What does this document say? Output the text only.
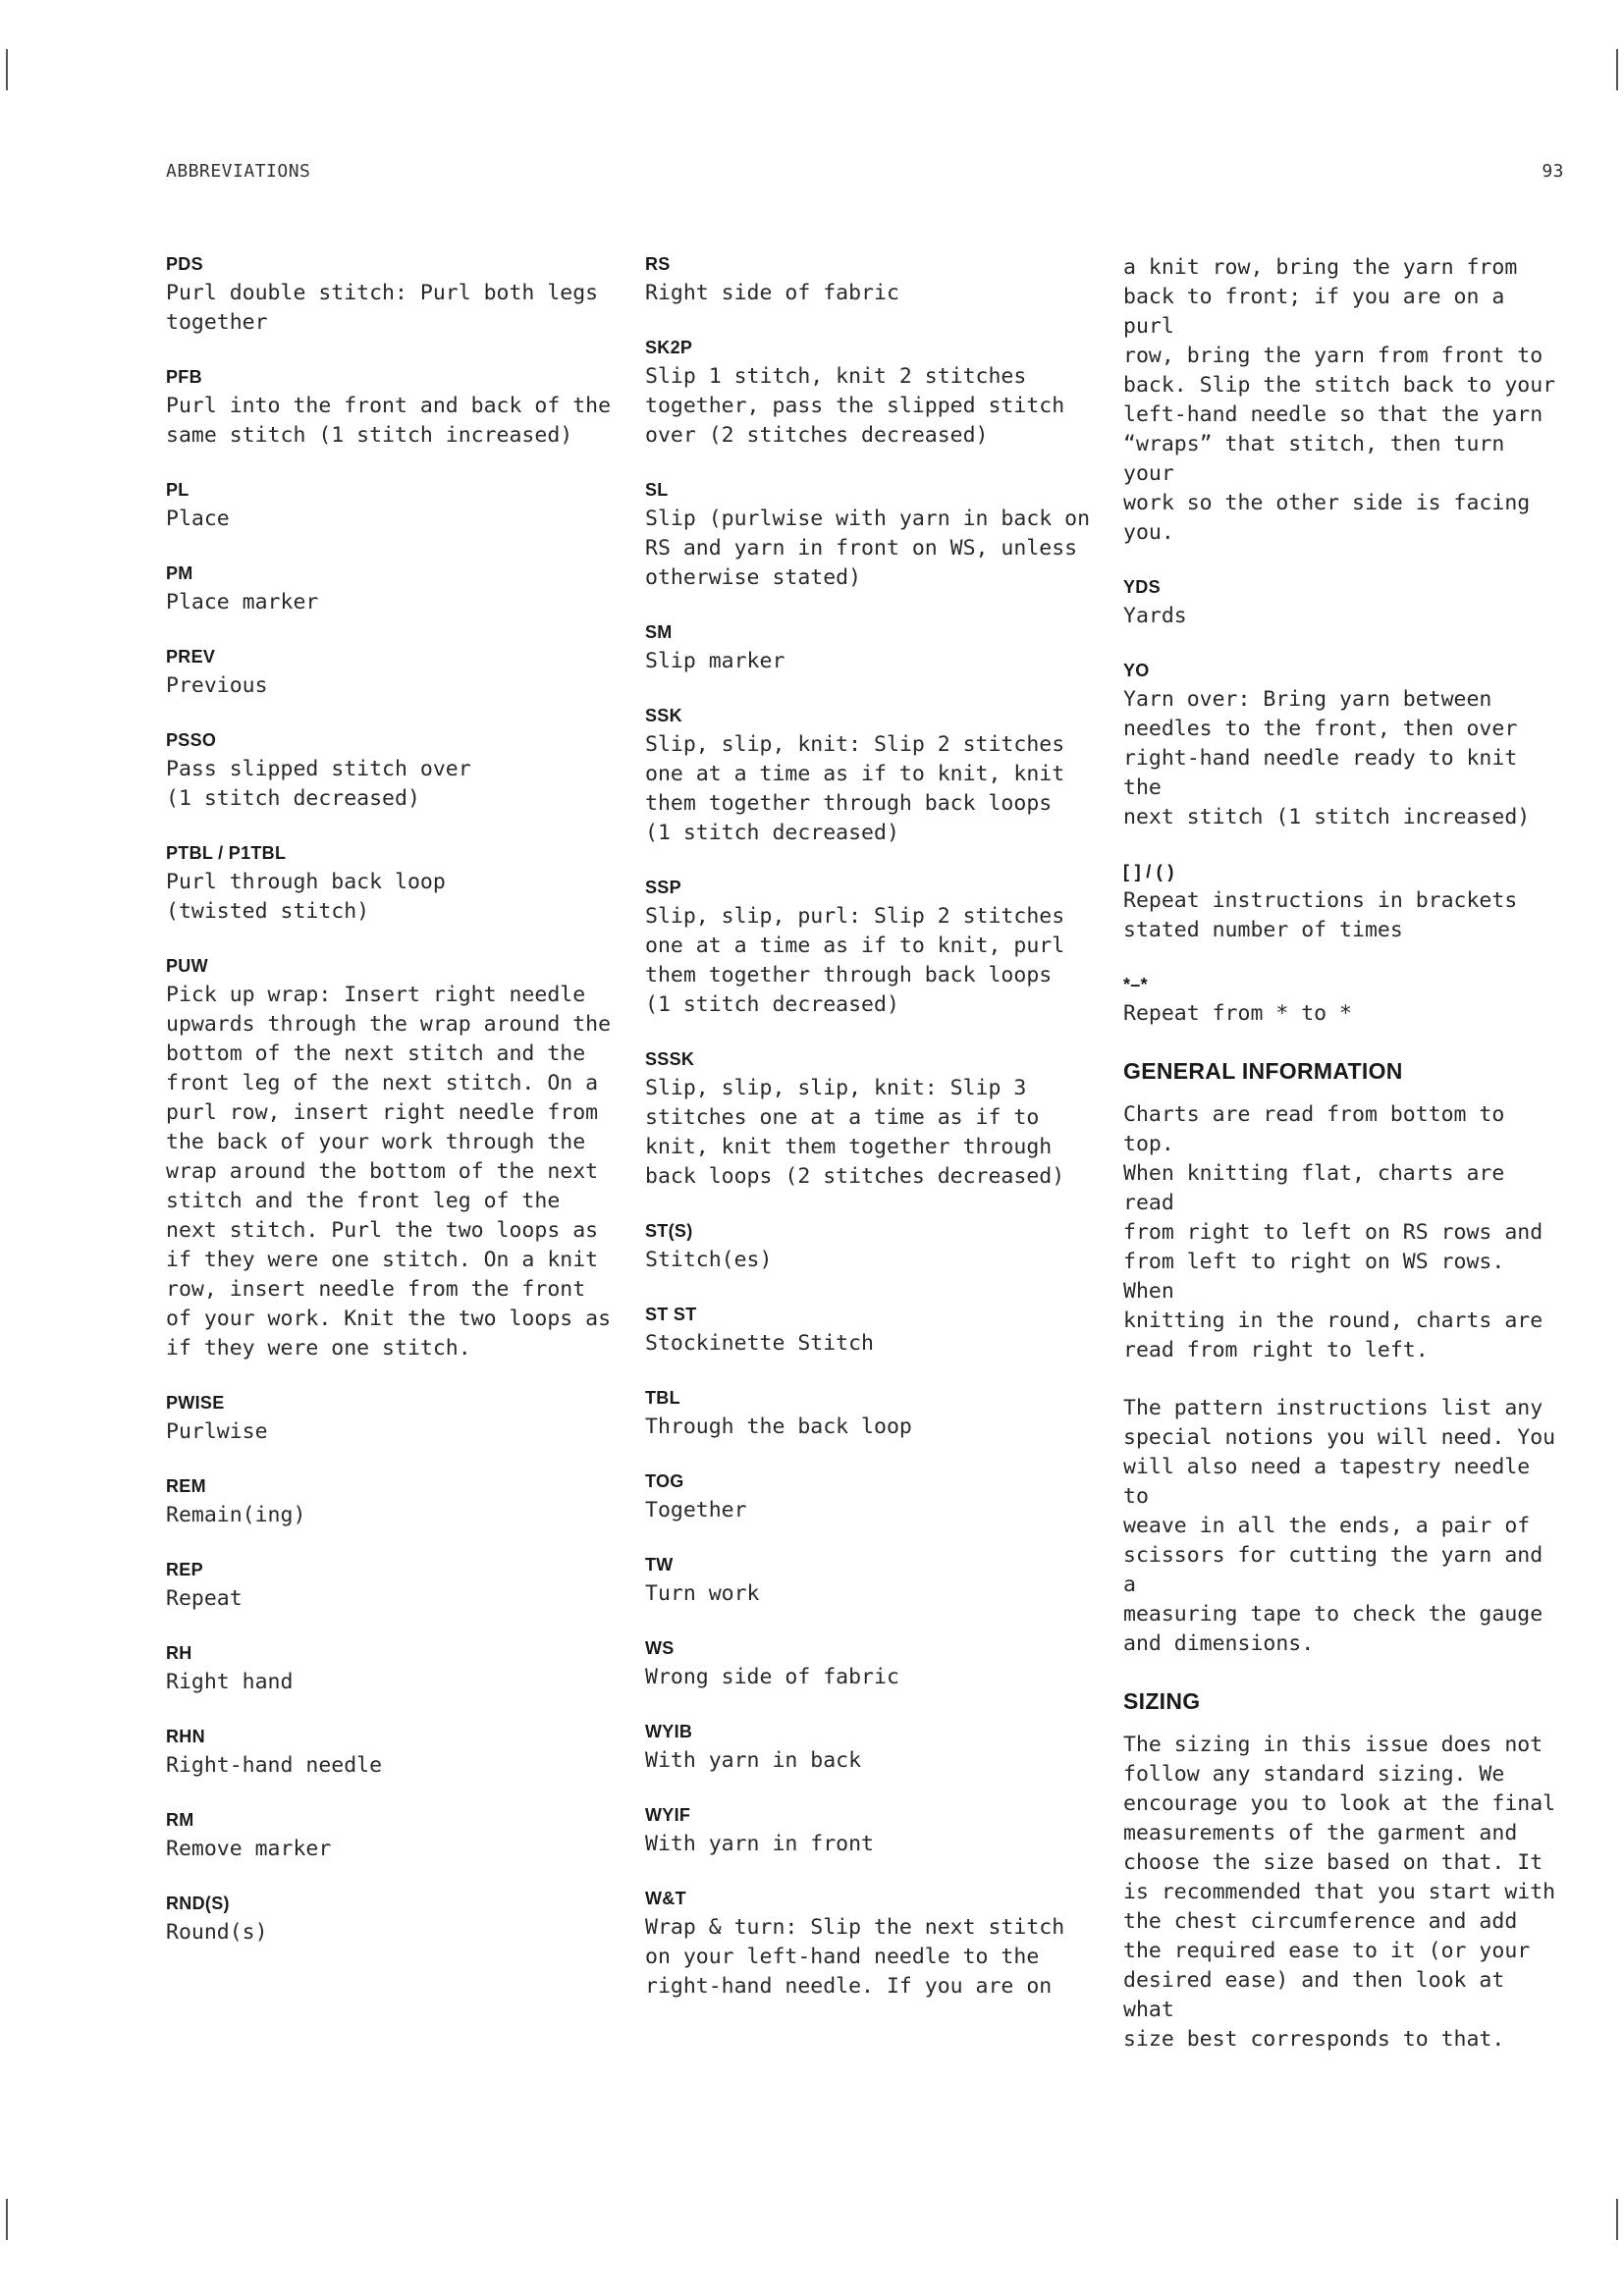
ABBREVIATIONS	93
PDS

Purl double stitch: Purl both legs
together

PFB

Purl into the front and back of the
same stitch (1 stitch increased)

PL

Place

PM

Place marker

PREV

Previous

PSSO

Pass slipped stitch over
(1 stitch decreased)

PTBL / P1TBL

Purl through back loop
(twisted stitch)

PUW

Pick up wrap: Insert right needle
upwards through the wrap around the
bottom of the next stitch and the
front leg of the next stitch. On a
purl row, insert right needle from
the back of your work through the
wrap around the bottom of the next
stitch and the front leg of the
next stitch. Purl the two loops as
if they were one stitch. On a knit
row, insert needle from the front
of your work. Knit the two loops as
if they were one stitch.

PWISE

Purlwise

REM

Remain(ing)

REP

Repeat

RH

Right hand

RHN

Right-hand needle

RM

Remove marker

RND(S)

Round(s)

RS

Right side of fabric

SK2P

Slip 1 stitch, knit 2 stitches
together, pass the slipped stitch
over (2 stitches decreased)

SL

Slip (purlwise with yarn in back on
RS and yarn in front on WS, unless
otherwise stated)

SM

Slip marker

SSK

Slip, slip, knit: Slip 2 stitches
one at a time as if to knit, knit
them together through back loops
(1 stitch decreased)

SSP

Slip, slip, purl: Slip 2 stitches
one at a time as if to knit, purl
them together through back loops
(1 stitch decreased)

SSSK

Slip, slip, slip, knit: Slip 3
stitches one at a time as if to
knit, knit them together through
back loops (2 stitches decreased)

ST(S)

Stitch(es)

ST ST

Stockinette Stitch

TBL

Through the back loop

TOG

Together

TW

Turn work

WS

Wrong side of fabric

WYIB

With yarn in back

WYIF

With yarn in front

W&T

Wrap & turn: Slip the next stitch
on your left-hand needle to the
right-hand needle. If you are on

a knit row, bring the yarn from
back to front; if you are on a purl
row, bring the yarn from front to
back. Slip the stitch back to your
left-hand needle so that the yarn
“wraps” that stitch, then turn your
work so the other side is facing
you.

YDS

Yards

YO

Yarn over: Bring yarn between
needles to the front, then over
right-hand needle ready to knit the
next stitch (1 stitch increased)

[ ] / ( )

Repeat instructions in brackets
stated number of times

*–*

Repeat from * to *

GENERAL INFORMATION

Charts are read from bottom to top.
When knitting flat, charts are read
from right to left on RS rows and
from left to right on WS rows. When
knitting in the round, charts are
read from right to left.

The pattern instructions list any
special notions you will need. You
will also need a tapestry needle to
weave in all the ends, a pair of
scissors for cutting the yarn and a
measuring tape to check the gauge
and dimensions.

SIZING

The sizing in this issue does not
follow any standard sizing. We
encourage you to look at the final
measurements of the garment and
choose the size based on that. It
is recommended that you start with
the chest circumference and add
the required ease to it (or your
desired ease) and then look at what
size best corresponds to that.
